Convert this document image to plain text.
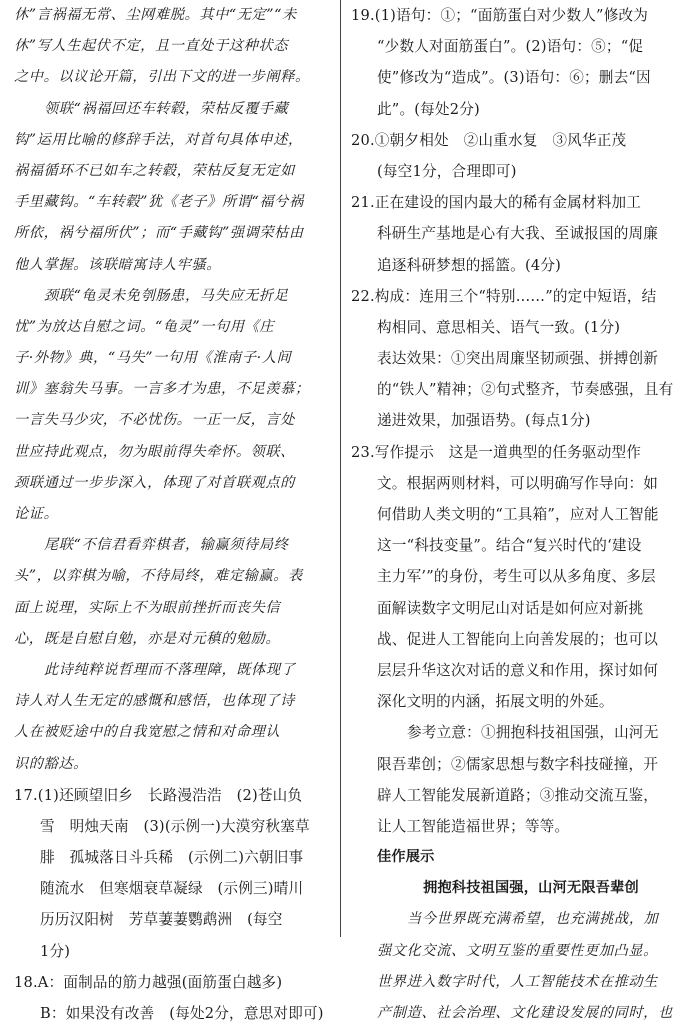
休”言祸福无常、尘网难脱。其中“无定”“未
休”写人生起伏不定，且一直处于这种状态
之中。以议论开篇，引出下文的进一步阐释。
领联“祸福回还车转毂，荣枯反覆手藏
钩”运用比喻的修辞手法，对首句具体申述，
祸福循环不已如车之转毂，荣枯反复无定如
手里藏钩。“车转毂”犹《老子》所谓“福兮祸
所依，祸兮福所伏”；而“手藏钩”强调荣枯由
他人掌握。该联暗寓诗人牢骚。
颈联“龟灵未免刳肠患，马失应无折足
忧”为放达自慰之词。“龟灵”一句用《庄
子·外物》典，“马失”一句用《淮南子·人间
训》塞翁失马事。一言多才为患，不足羡慕；
一言失马少灾，不必忧伤。一正一反，言处
世应持此观点，勿为眼前得失牵怀。领联、
颈联通过一步步深入，体现了对首联观点的
论证。
尾联“不信君看弈棋者，输赢须待局终
头”，以弈棋为喻，不待局终，难定输赢。表
面上说理，实际上不为眼前挫折而丧失信
心，既是自慰自勉，亦是对元稹的勉励。
此诗纯粹说哲理而不落理障，既体现了
诗人对人生无定的感慨和感悟，也体现了诗
人在被贬途中的自我宽慰之情和对命理认
识的豁达。
17.(1)还顾望旧乡　长路漫浩浩　(2)苍山负
雪　明烛天南　(3)(示例一)大漠穷秋塞草
腓　孤城落日斗兵稀　(示例二)六朝旧事
随流水　但寒烟衰草凝绿　(示例三)晴川
历历汉阳树　芳草萋萋鹦鹉洲　(每空
1分)
18.A：面制品的筋力越强(面筋蛋白越多)
B：如果没有改善　(每处2分，意思对即可)
19.(1)语句：①；“面筋蛋白对少数人”修改为
“少数人对面筋蛋白”。(2)语句：⑤；“促
使”修改为“造成”。(3)语句：⑥；删去“因
此”。(每处2分)
20.①朝夕相处　②山重水复　③风华正茂
(每空1分，合理即可)
21.正在建设的国内最大的稀有金属材料加工
科研生产基地是心有大我、至诚报国的周廉
追逐科研梦想的摇篮。(4分)
22.构成：连用三个“特别……”的定中短语，结
构相同、意思相关、语气一致。(1分)
表达效果：①突出周廉坚韧顽强、拼搏创新
的“铁人”精神；②句式整齐，节奏感强，且有
递进效果，加强语势。(每点1分)
23.写作提示　这是一道典型的任务驱动型作
文。根据两则材料，可以明确写作导向：如
何借助人类文明的“工具箱”，应对人工智能
这一“科技变量”。结合“复兴时代的‘建设
主力军’”的身份，考生可以从多角度、多层
面解读数字文明尼山对话是如何应对新挑
战、促进人工智能向上向善发展的；也可以
层层升华这次对话的意义和作用，探讨如何
深化文明的内涵，拓展文明的外延。
参考立意：①拥抱科技祖国强，山河无
限吾辈创；②儒家思想与数字科技碰撞，开
辟人工智能发展新道路；③推动交流互鉴，
让人工智能造福世界；等等。
佳作展示
拥抱科技祖国强，山河无限吾辈创
当今世界既充满希望，也充满挑战，加
强文化交流、文明互鉴的重要性更加凸显。
世界进入数字时代，人工智能技术在推动生
产制造、社会治理、文化建设发展的同时，也
